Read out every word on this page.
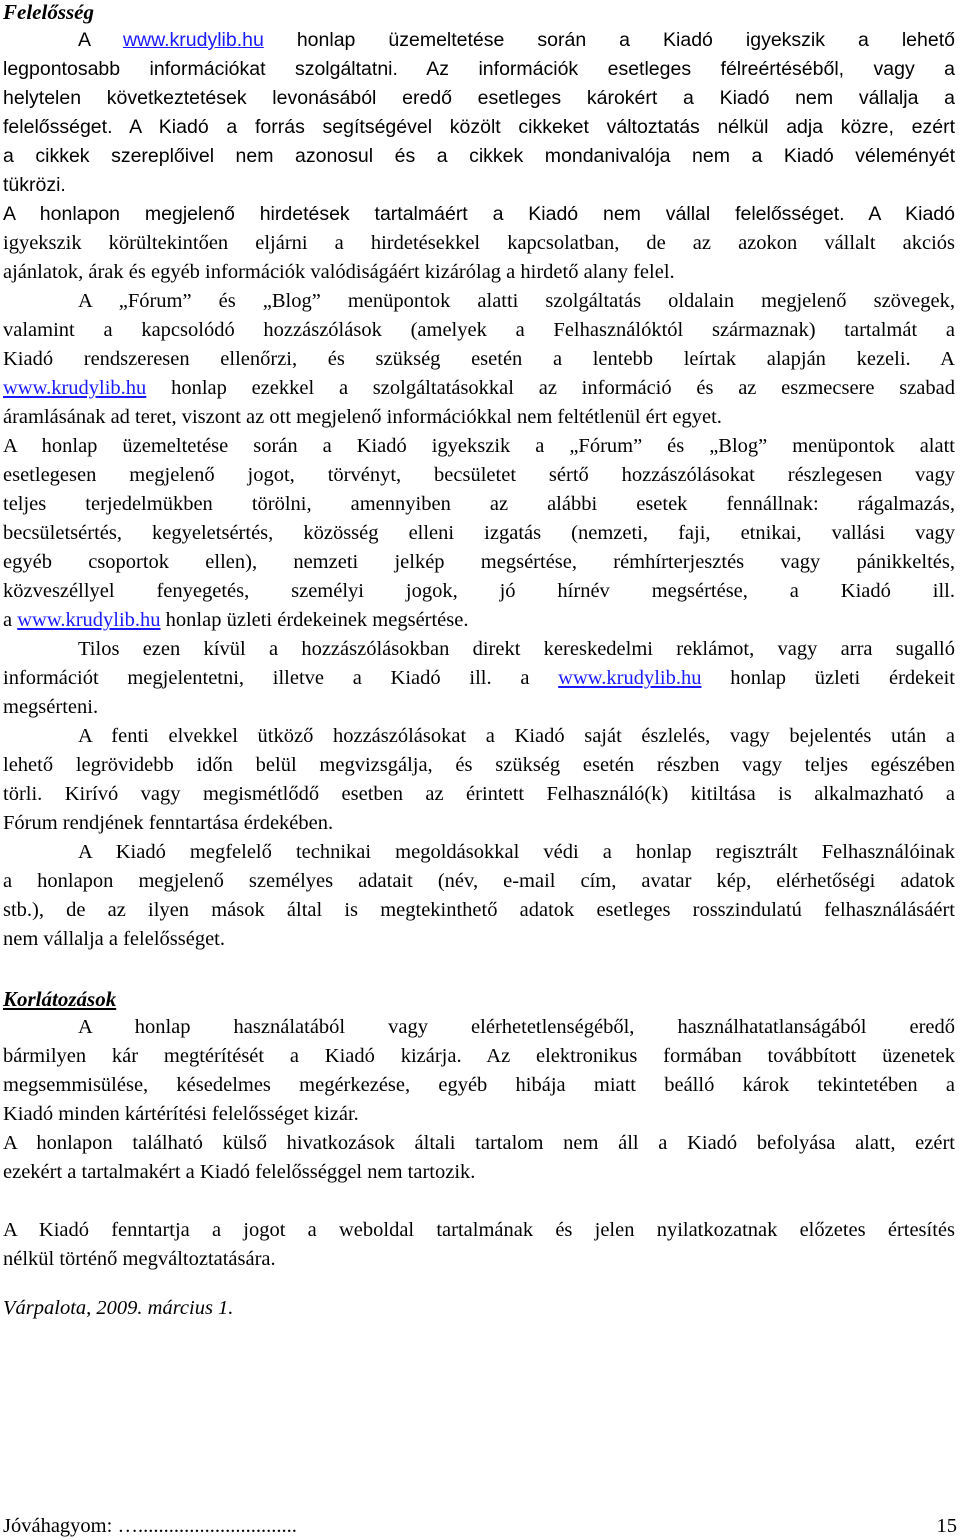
Felelősség
A www.krudylib.hu honlap üzemeltetése során a Kiadó igyekszik a lehető
legpontosabb információkat szolgáltatni. Az információk esetleges félreértéséből, vagy a
helytelen következtetések levonásából eredő esetleges károkért a Kiadó nem vállalja a
felelősséget. A Kiadó a forrás segítségével közölt cikkeket változtatás nélkül adja közre, ezért
a cikkek szereplőivel nem azonosul és a cikkek mondanivalója nem a Kiadó véleményét
tükrözi.
A honlapon megjelenő hirdetések tartalmáért a Kiadó nem vállal felelősséget. A Kiadó
igyekszik körültekintően eljárni a hirdetésekkel kapcsolatban, de az azokon vállalt akciós
ajánlatok, árak és egyéb információk valódiságáért kizárólag a hirdető alany felel.
A „Fórum” és „Blog” menüpontok alatti szolgáltatás oldalain megjelenő szövegek,
valamint a kapcsolódó hozzászólások (amelyek a Felhasználóktól származnak) tartalmát a
Kiadó rendszeresen ellenőrzi, és szükség esetén a lentebb leírtak alapján kezeli. A
www.krudylib.hu honlap ezekkel a szolgáltatásokkal az információ és az eszmecsere szabad
áramlásának ad teret, viszont az ott megjelenő információkkal nem feltétlenül ért egyet.
A honlap üzemeltetése során a Kiadó igyekszik a „Fórum” és „Blog” menüpontok alatt
esetlegesen megjelenő jogot, törvényt, becsületet sértő hozzászólásokat részlegesen vagy
teljes terjedelmükben törölni, amennyiben az alábbi esetek fennállnak: rágalmazás,
becsületsértés, kegyeletsértés, közösség elleni izgatás (nemzeti, faji, etnikai, vallási vagy
egyéb csoportok ellen), nemzeti jelkép megsértése, rémhírterjesztés vagy pánikkeltés,
közveszéllyel fenyegetés, személyi jogok, jó hírnév megsértése, a Kiadó ill.
a www.krudylib.hu honlap üzleti érdekeinek megsértése.
Tilos ezen kívül a hozzászólásokban direkt kereskedelmi reklámot, vagy arra sugalló
információt megjelentetni, illetve a Kiadó ill. a www.krudylib.hu honlap üzleti érdekeit
megsérteni.
A fenti elvekkel ütköző hozzászólásokat a Kiadó saját észlelés, vagy bejelentés után a
lehető legrövidebb időn belül megvizsgálja, és szükség esetén részben vagy teljes egészében
törli. Kirívó vagy megismétlődő esetben az érintett Felhasználó(k) kitiltása is alkalmazható a
Fórum rendjének fenntartása érdekében.
A Kiadó megfelelő technikai megoldásokkal védi a honlap regisztrált Felhasználóinak
a honlapon megjelenő személyes adatait (név, e-mail cím, avatar kép, elérhetőségi adatok
stb.), de az ilyen mások által is megtekinthető adatok esetleges rosszindulatú felhasználásáért
nem vállalja a felelősséget.
Korlátozások
A honlap használatából vagy elérhetetlenségéből, használhatatlanságából eredő
bármilyen kár megtérítését a Kiadó kizárja. Az elektronikus formában továbbított üzenetek
megsemmisülése, késedelmes megérkezése, egyéb hibája miatt beálló károk tekintetében a
Kiadó minden kártérítési felelősséget kizár.
A honlapon található külső hivatkozások általi tartalom nem áll a Kiadó befolyása alatt, ezért
ezekért a tartalmakért a Kiadó felelősséggel nem tartozik.
A Kiadó fenntartja a jogot a weboldal tartalmának és jelen nyilatkozatnak előzetes értesítés
nélkül történő megváltoztatására.
Várpalota, 2009. március 1.
Jóváhagyom: …...............................	15
